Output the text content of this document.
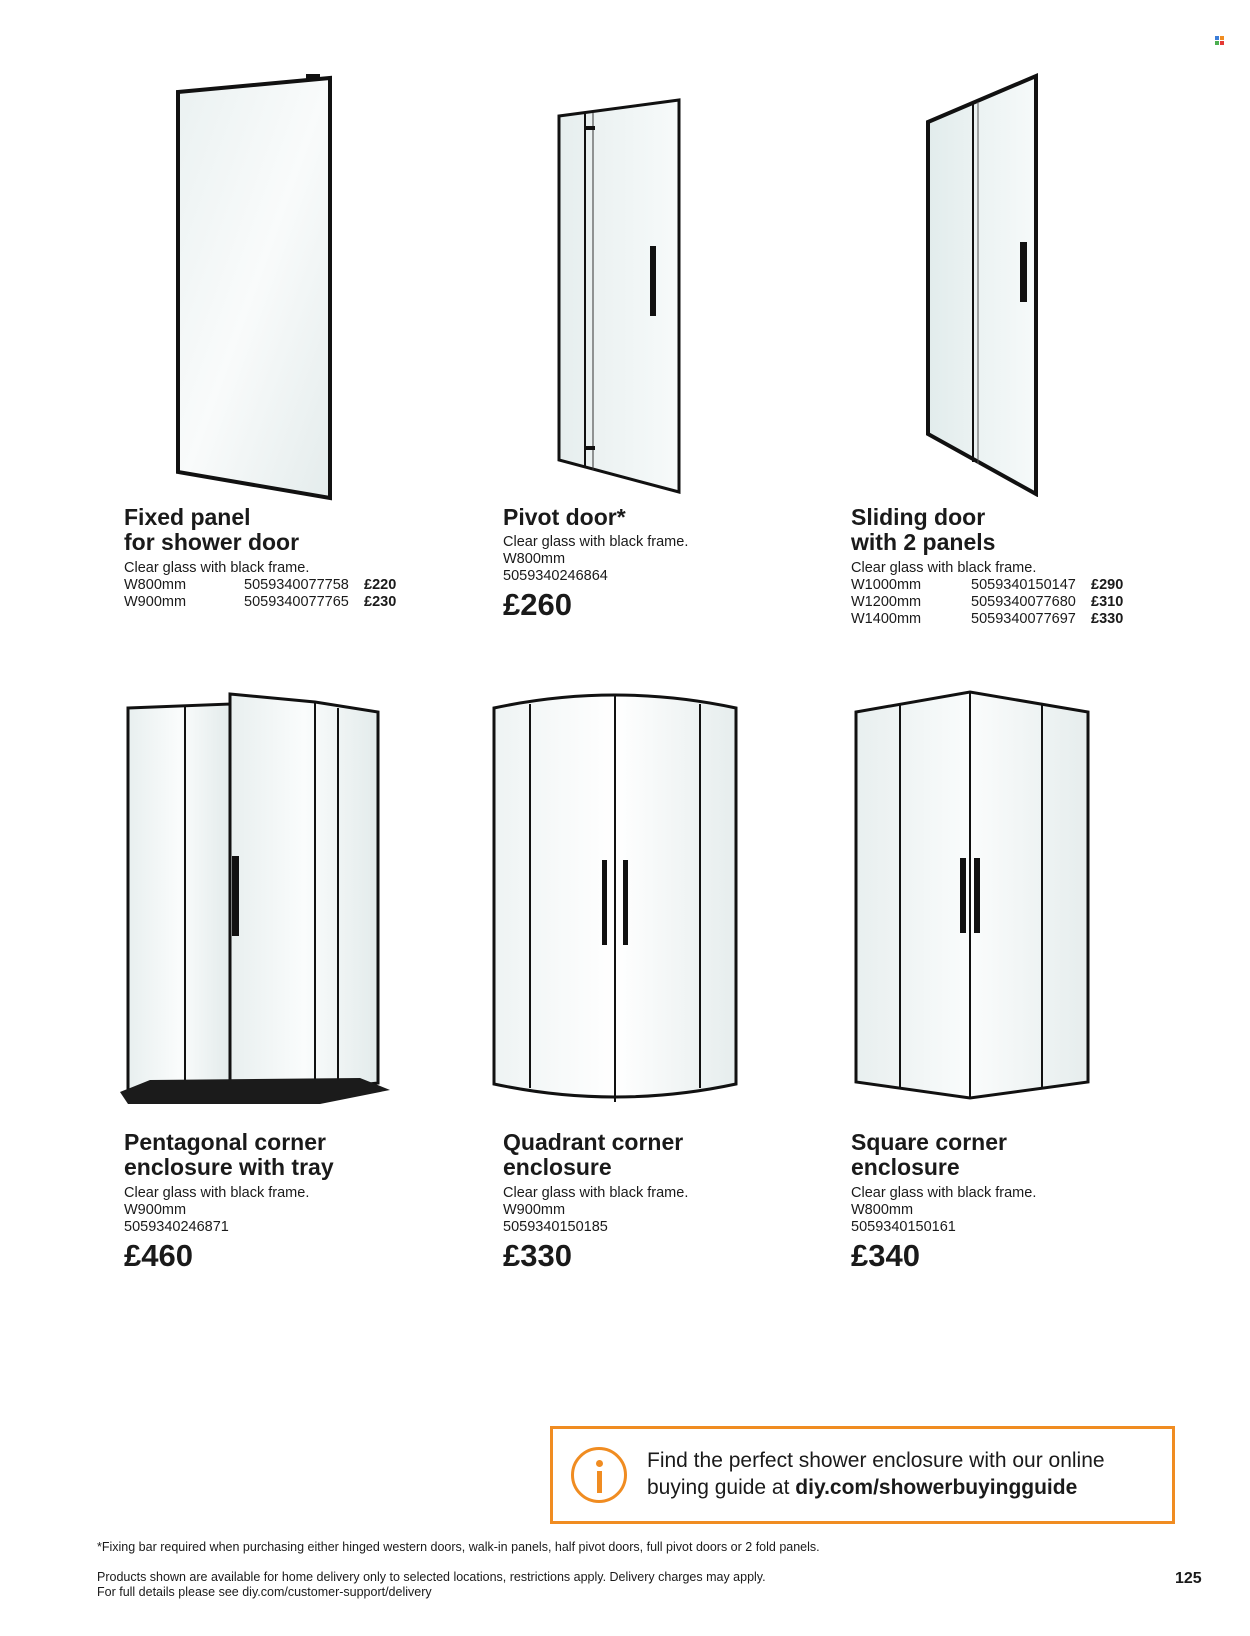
Fixed panel
for shower door
Clear glass with black frame.
W800mm	5059340077758	£220
W900mm	5059340077765	£230
Pivot door*
Clear glass with black frame.
W800mm
5059340246864
£260
Sliding door
with 2 panels
Clear glass with black frame.
W1000mm	5059340150147	£290
W1200mm	5059340077680	£310
W1400mm	5059340077697	£330
Pentagonal corner
enclosure with tray
Clear glass with black frame.
W900mm
5059340246871
£460
Quadrant corner
enclosure
Clear glass with black frame.
W900mm
5059340150185
£330
Square corner
enclosure
Clear glass with black frame.
W800mm
5059340150161
£340
Find the perfect shower enclosure with our online
buying guide at diy.com/showerbuyingguide
*Fixing bar required when purchasing either hinged western doors, walk-in panels, half pivot doors, full pivot doors or 2 fold panels.
Products shown are available for home delivery only to selected locations, restrictions apply. Delivery charges may apply.
For full details please see diy.com/customer-support/delivery
125
